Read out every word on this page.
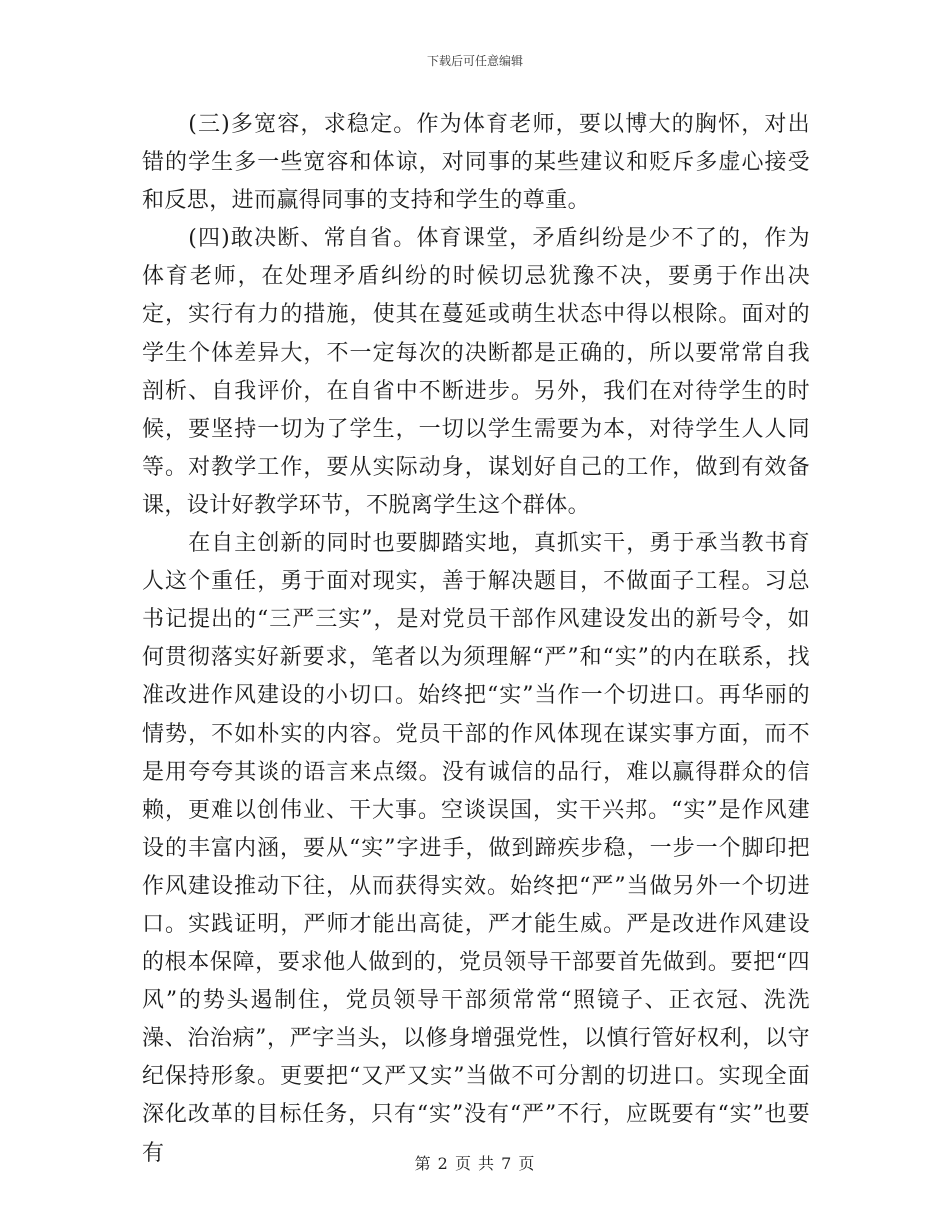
下载后可任意编辑

(三)多宽容，求稳定。作为体育老师，要以博大的胸怀，对出错的学生多一些宽容和体谅，对同事的某些建议和贬斥多虚心接受和反思，进而赢得同事的支持和学生的尊重。

(四)敢决断、常自省。体育课堂，矛盾纠纷是少不了的，作为体育老师，在处理矛盾纠纷的时候切忌犹豫不决，要勇于作出决定，实行有力的措施，使其在蔓延或萌生状态中得以根除。面对的学生个体差异大，不一定每次的决断都是正确的，所以要常常自我剖析、自我评价，在自省中不断进步。另外，我们在对待学生的时候，要坚持一切为了学生，一切以学生需要为本，对待学生人人同等。对教学工作，要从实际动身，谋划好自己的工作，做到有效备课，设计好教学环节，不脱离学生这个群体。

在自主创新的同时也要脚踏实地，真抓实干，勇于承当教书育人这个重任，勇于面对现实，善于解决题目，不做面子工程。习总书记提出的“三严三实”，是对党员干部作风建设发出的新号令，如何贯彻落实好新要求，笔者以为须理解“严”和“实”的内在联系，找准改进作风建设的小切口。始终把“实”当作一个切进口。再华丽的情势，不如朴实的内容。党员干部的作风体现在谋实事方面，而不是用夸夸其谈的语言来点缀。没有诚信的品行，难以赢得群众的信赖，更难以创伟业、干大事。空谈误国，实干兴邦。“实”是作风建设的丰富内涵，要从“实”字进手，做到蹄疾步稳，一步一个脚印把作风建设推动下往，从而获得实效。始终把“严”当做另外一个切进口。实践证明，严师才能出高徒，严才能生威。严是改进作风建设的根本保障，要求他人做到的，党员领导干部要首先做到。要把“四风”的势头遏制住，党员领导干部须常常“照镜子、正衣冠、洗洗澡、治治病”，严字当头，以修身增强党性，以慎行管好权利，以守纪保持形象。更要把“又严又实”当做不可分割的切进口。实现全面深化改革的目标任务，只有“实”没有“严”不行，应既要有“实”也要有	第 2 页 共 7 页
